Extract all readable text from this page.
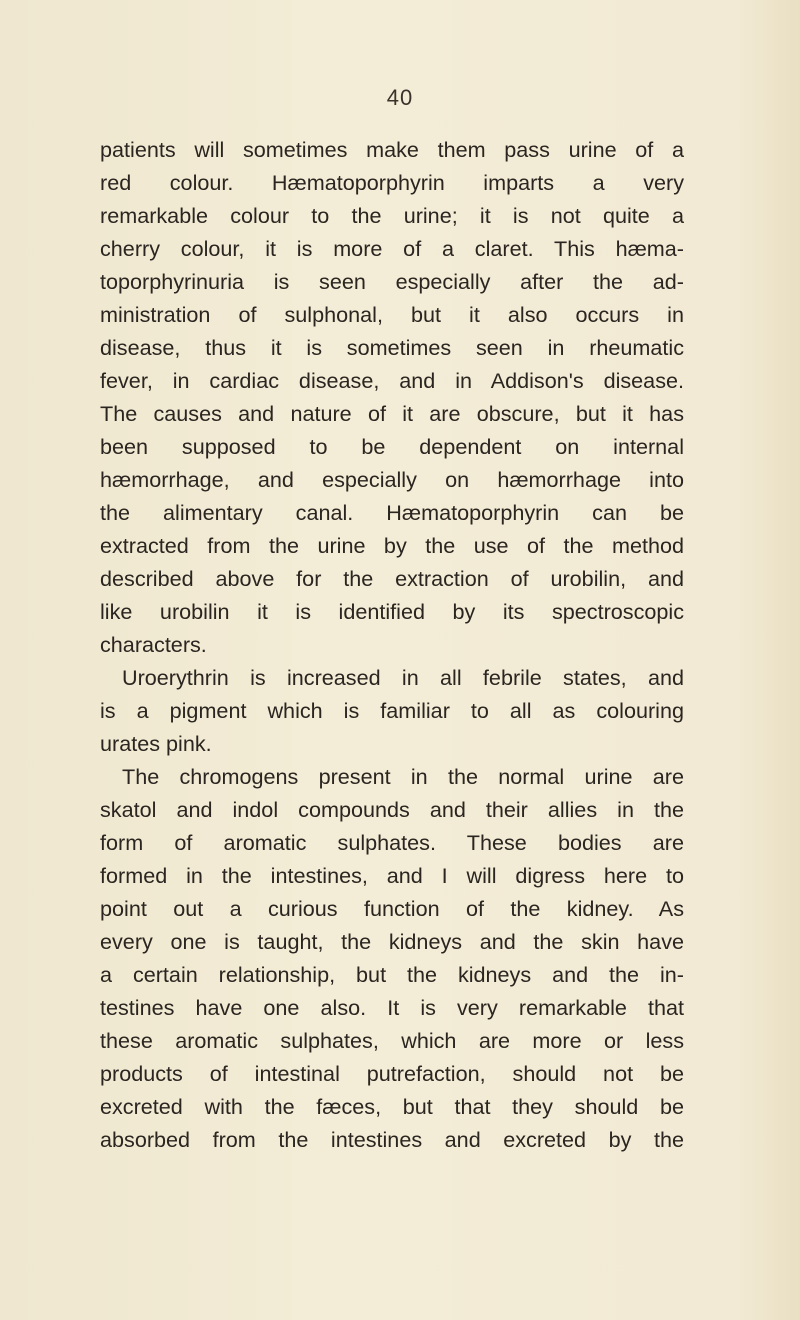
40
patients will sometimes make them pass urine of a
red colour. Hæmatoporphyrin imparts a very
remarkable colour to the urine; it is not quite a
cherry colour, it is more of a claret. This hæma-
toporphyrinuria is seen especially after the ad-
ministration of sulphonal, but it also occurs in
disease, thus it is sometimes seen in rheumatic
fever, in cardiac disease, and in Addison's disease.
The causes and nature of it are obscure, but it has
been supposed to be dependent on internal
hæmorrhage, and especially on hæmorrhage into
the alimentary canal. Hæmatoporphyrin can be
extracted from the urine by the use of the method
described above for the extraction of urobilin, and
like urobilin it is identified by its spectroscopic
characters.
Uroerythrin is increased in all febrile states, and
is a pigment which is familiar to all as colouring
urates pink.
The chromogens present in the normal urine are
skatol and indol compounds and their allies in the
form of aromatic sulphates. These bodies are
formed in the intestines, and I will digress here to
point out a curious function of the kidney. As
every one is taught, the kidneys and the skin have
a certain relationship, but the kidneys and the in-
testines have one also. It is very remarkable that
these aromatic sulphates, which are more or less
products of intestinal putrefaction, should not be
excreted with the fæces, but that they should be
absorbed from the intestines and excreted by the
